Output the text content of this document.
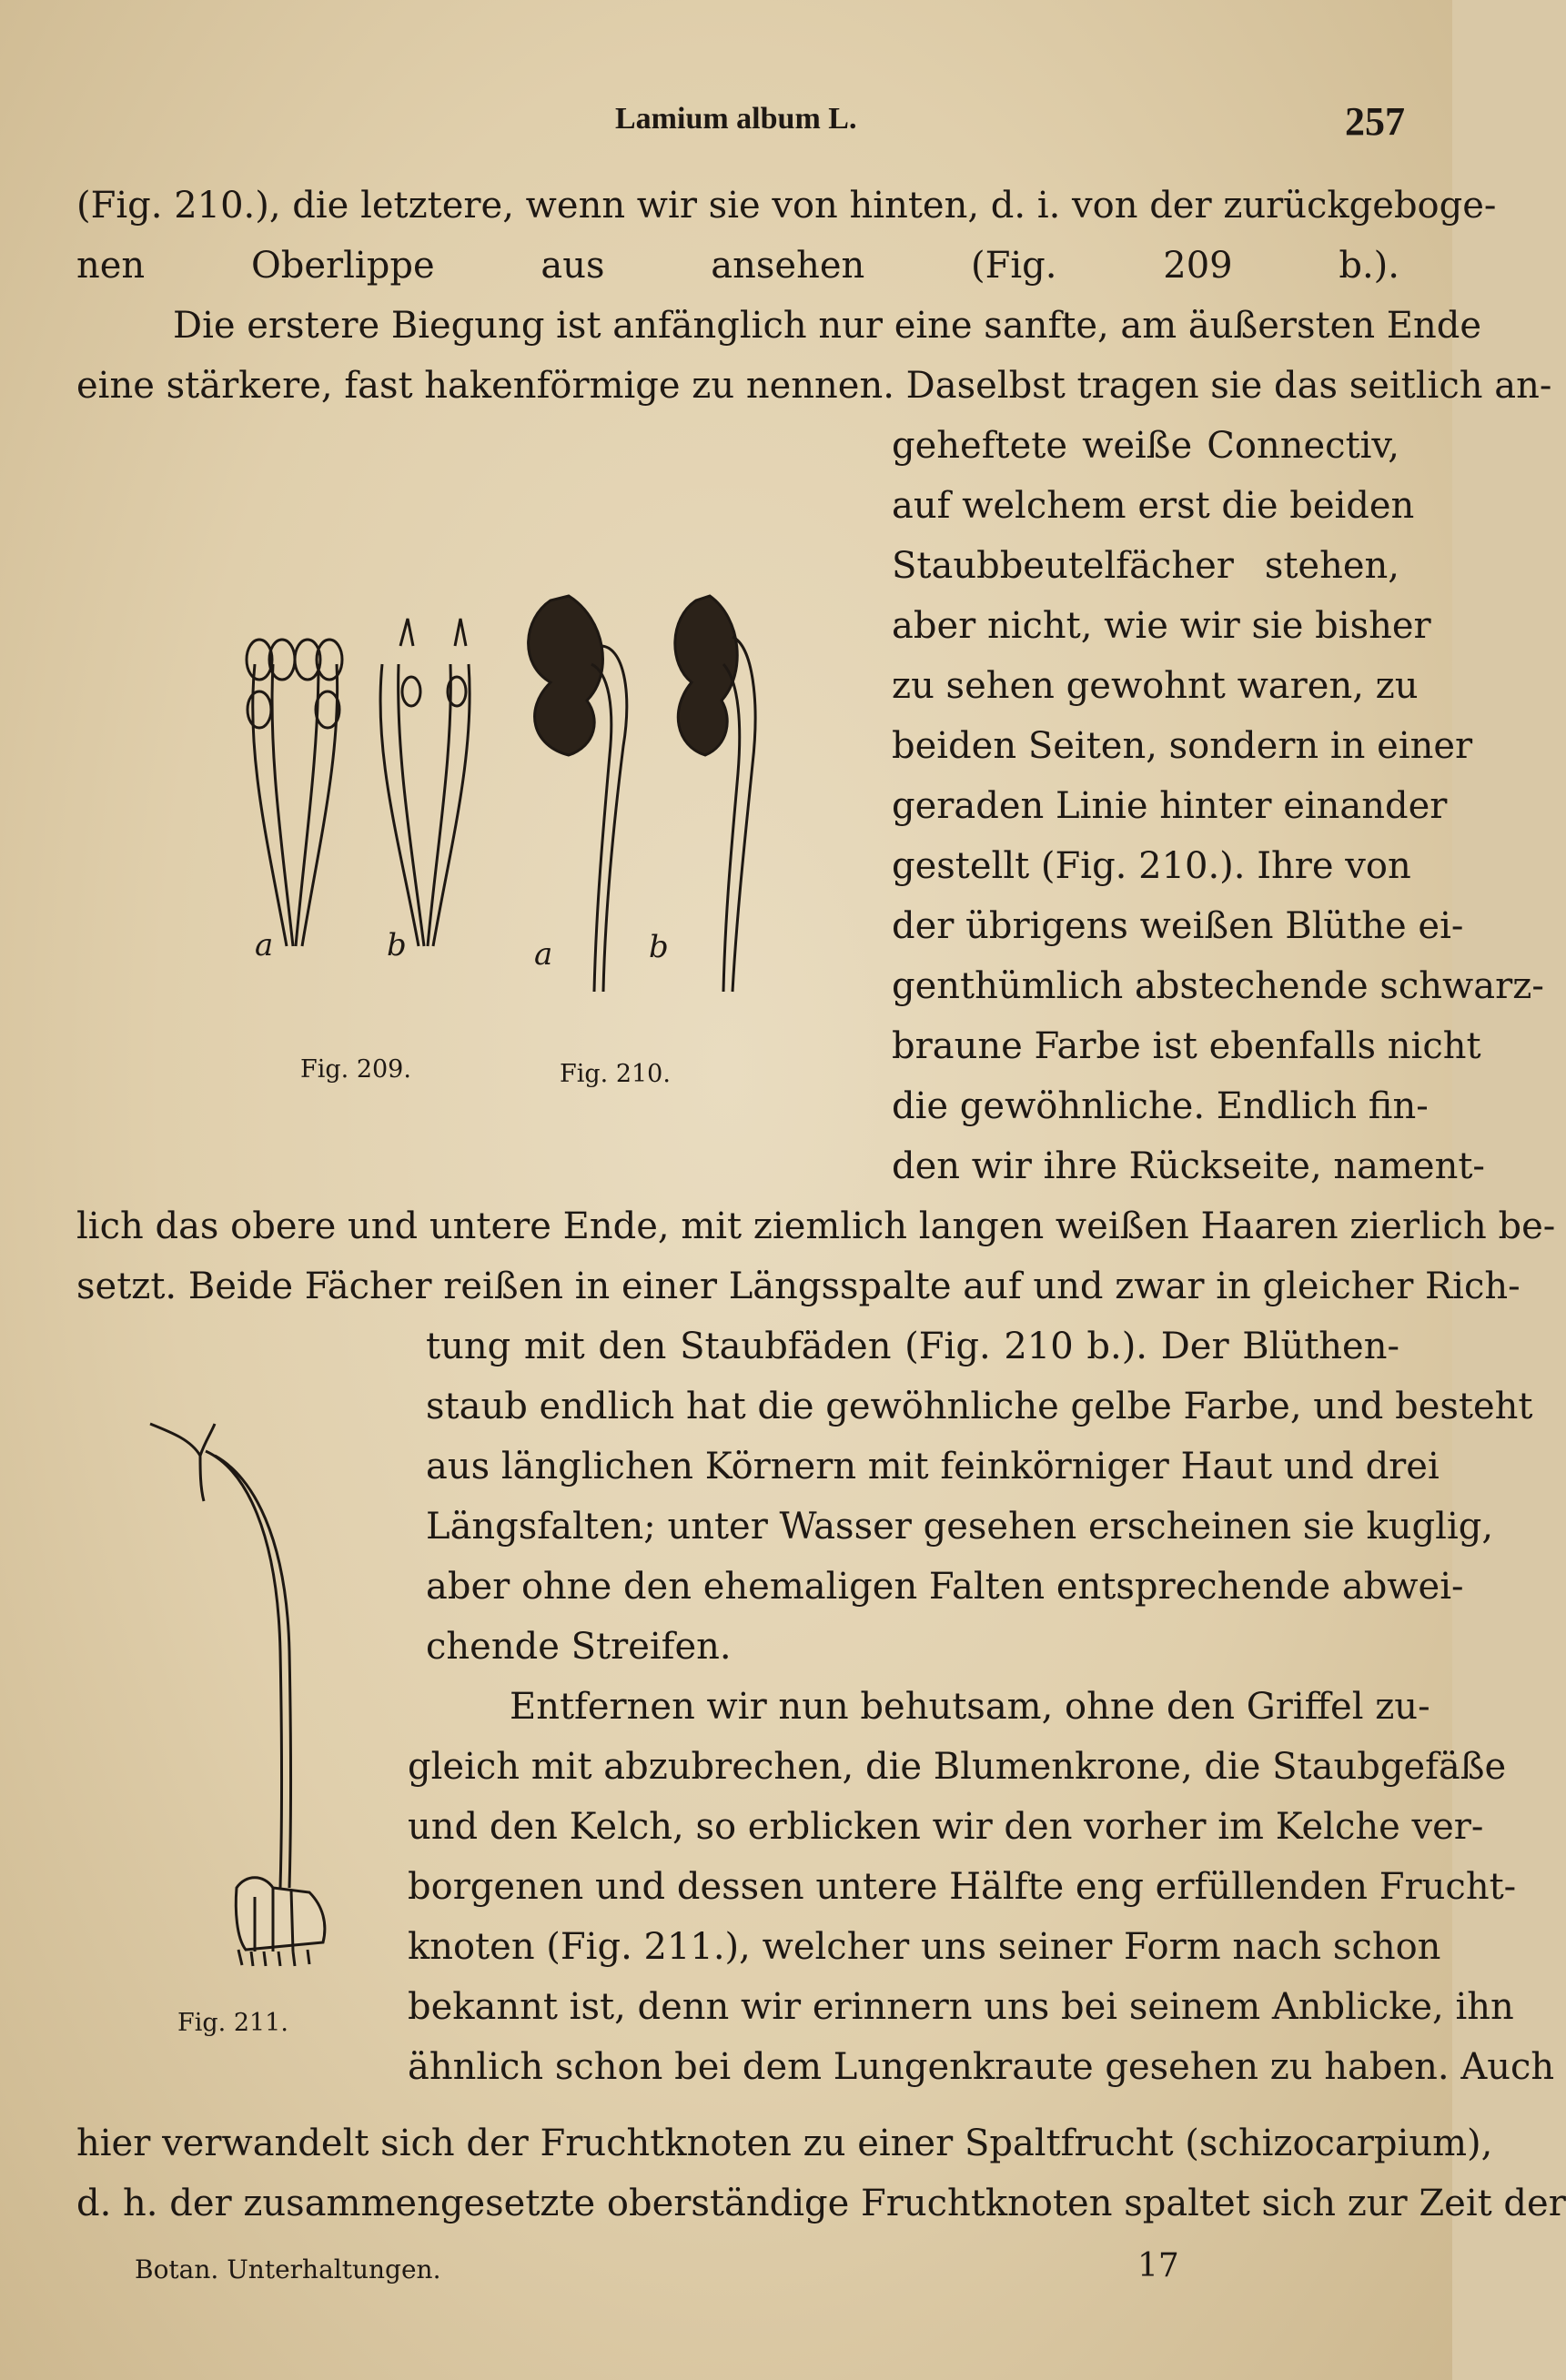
Lamium album L.	257
(Fig. 210.), die letztere, wenn wir sie von hinten, d. i. von der zurückgeboge-
nen Oberlippe aus ansehen (Fig. 209 b.).
Die erstere Biegung ist anfänglich nur eine sanfte, am äußersten Ende
eine stärkere, fast hakenförmige zu nennen. Daselbst tragen sie das seitlich an-
geheftete weiße Connectiv,
auf welchem erst die beiden
Staubbeutelfächer stehen,
aber nicht, wie wir sie bisher
zu sehen gewohnt waren, zu
beiden Seiten, sondern in einer
geraden Linie hinter einander
gestellt (Fig. 210.). Ihre von
der übrigens weißen Blüthe ei-
genthümlich abstechende schwarz-
braune Farbe ist ebenfalls nicht
die gewöhnliche. Endlich fin-
den wir ihre Rückseite, nament-
lich das obere und untere Ende, mit ziemlich langen weißen Haaren zierlich be-
setzt. Beide Fächer reißen in einer Längsspalte auf und zwar in gleicher Rich-
tung mit den Staubfäden (Fig. 210 b.). Der Blüthen-
staub endlich hat die gewöhnliche gelbe Farbe, und besteht
aus länglichen Körnern mit feinkörniger Haut und drei
Längsfalten; unter Wasser gesehen erscheinen sie kuglig,
aber ohne den ehemaligen Falten entsprechende abwei-
chende Streifen.
Entfernen wir nun behutsam, ohne den Griffel zu-
gleich mit abzubrechen, die Blumenkrone, die Staubgefäße
und den Kelch, so erblicken wir den vorher im Kelche ver-
borgenen und dessen untere Hälfte eng erfüllenden Frucht-
knoten (Fig. 211.), welcher uns seiner Form nach schon
bekannt ist, denn wir erinnern uns bei seinem Anblicke, ihn
ähnlich schon bei dem Lungenkraute gesehen zu haben. Auch
hier verwandelt sich der Fruchtknoten zu einer Spaltfrucht (schizocarpium),
d. h. der zusammengesetzte oberständige Fruchtknoten spaltet sich zur Zeit der
a	b
Fig. 209.
a	b
Fig. 210.
Fig. 211.
Botan. Unterhaltungen.	17
